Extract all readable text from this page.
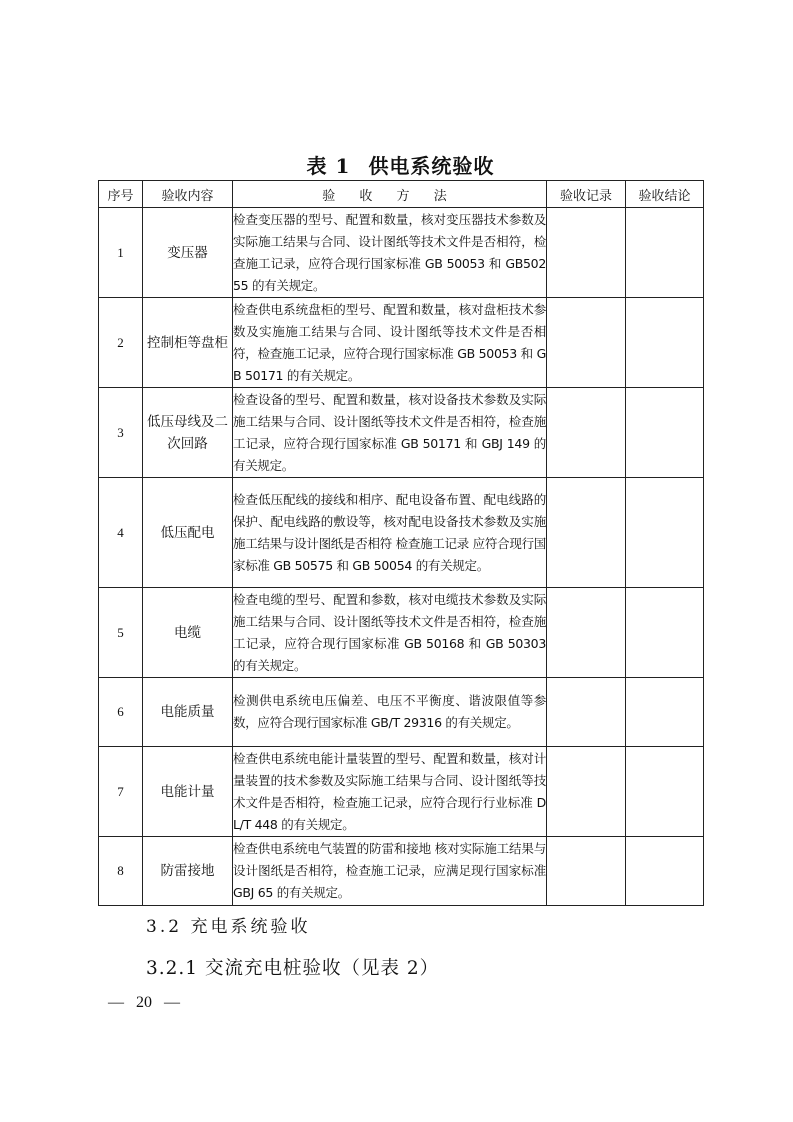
表 1 供电系统验收
序号	验收内容	验 收 方 法	验收记录	验收结论
1	变压器	检查变压器的型号、配置和数量，核对变压器技术参数及实际施工结果与合同、设计图纸等技术文件是否相符，检查施工记录，应符合现行国家标准 GB 50053 和 GB50255 的有关规定。		
2	控制柜等盘柜	检查供电系统盘柜的型号、配置和数量，核对盘柜技术参数及实施施工结果与合同、设计图纸等技术文件是否相符，检查施工记录，应符合现行国家标准 GB 50053 和 GB 50171 的有关规定。		
3	低压母线及二次回路	检查设备的型号、配置和数量，核对设备技术参数及实际施工结果与合同、设计图纸等技术文件是否相符，检查施工记录，应符合现行国家标准 GB 50171 和 GBJ 149 的有关规定。		
4	低压配电	检查低压配线的接线和相序、配电设备布置、配电线路的保护、配电线路的敷设等，核对配电设备技术参数及实施施工结果与设计图纸是否相符 检查施工记录 应符合现行国家标准 GB 50575 和 GB 50054 的有关规定。		
5	电缆	检查电缆的型号、配置和参数，核对电缆技术参数及实际施工结果与合同、设计图纸等技术文件是否相符，检查施工记录，应符合现行国家标准 GB 50168 和 GB 50303 的有关规定。		
6	电能质量	检测供电系统电压偏差、电压不平衡度、谐波限值等参数，应符合现行国家标准 GB/T 29316 的有关规定。		
7	电能计量	检查供电系统电能计量装置的型号、配置和数量，核对计量装置的技术参数及实际施工结果与合同、设计图纸等技术文件是否相符，检查施工记录，应符合现行行业标准 DL/T 448 的有关规定。		
8	防雷接地	检查供电系统电气装置的防雷和接地 核对实际施工结果与设计图纸是否相符，检查施工记录，应满足现行国家标准 GBJ 65 的有关规定。		
3.2 充电系统验收
3.2.1 交流充电桩验收（见表 2）
—   20   —
